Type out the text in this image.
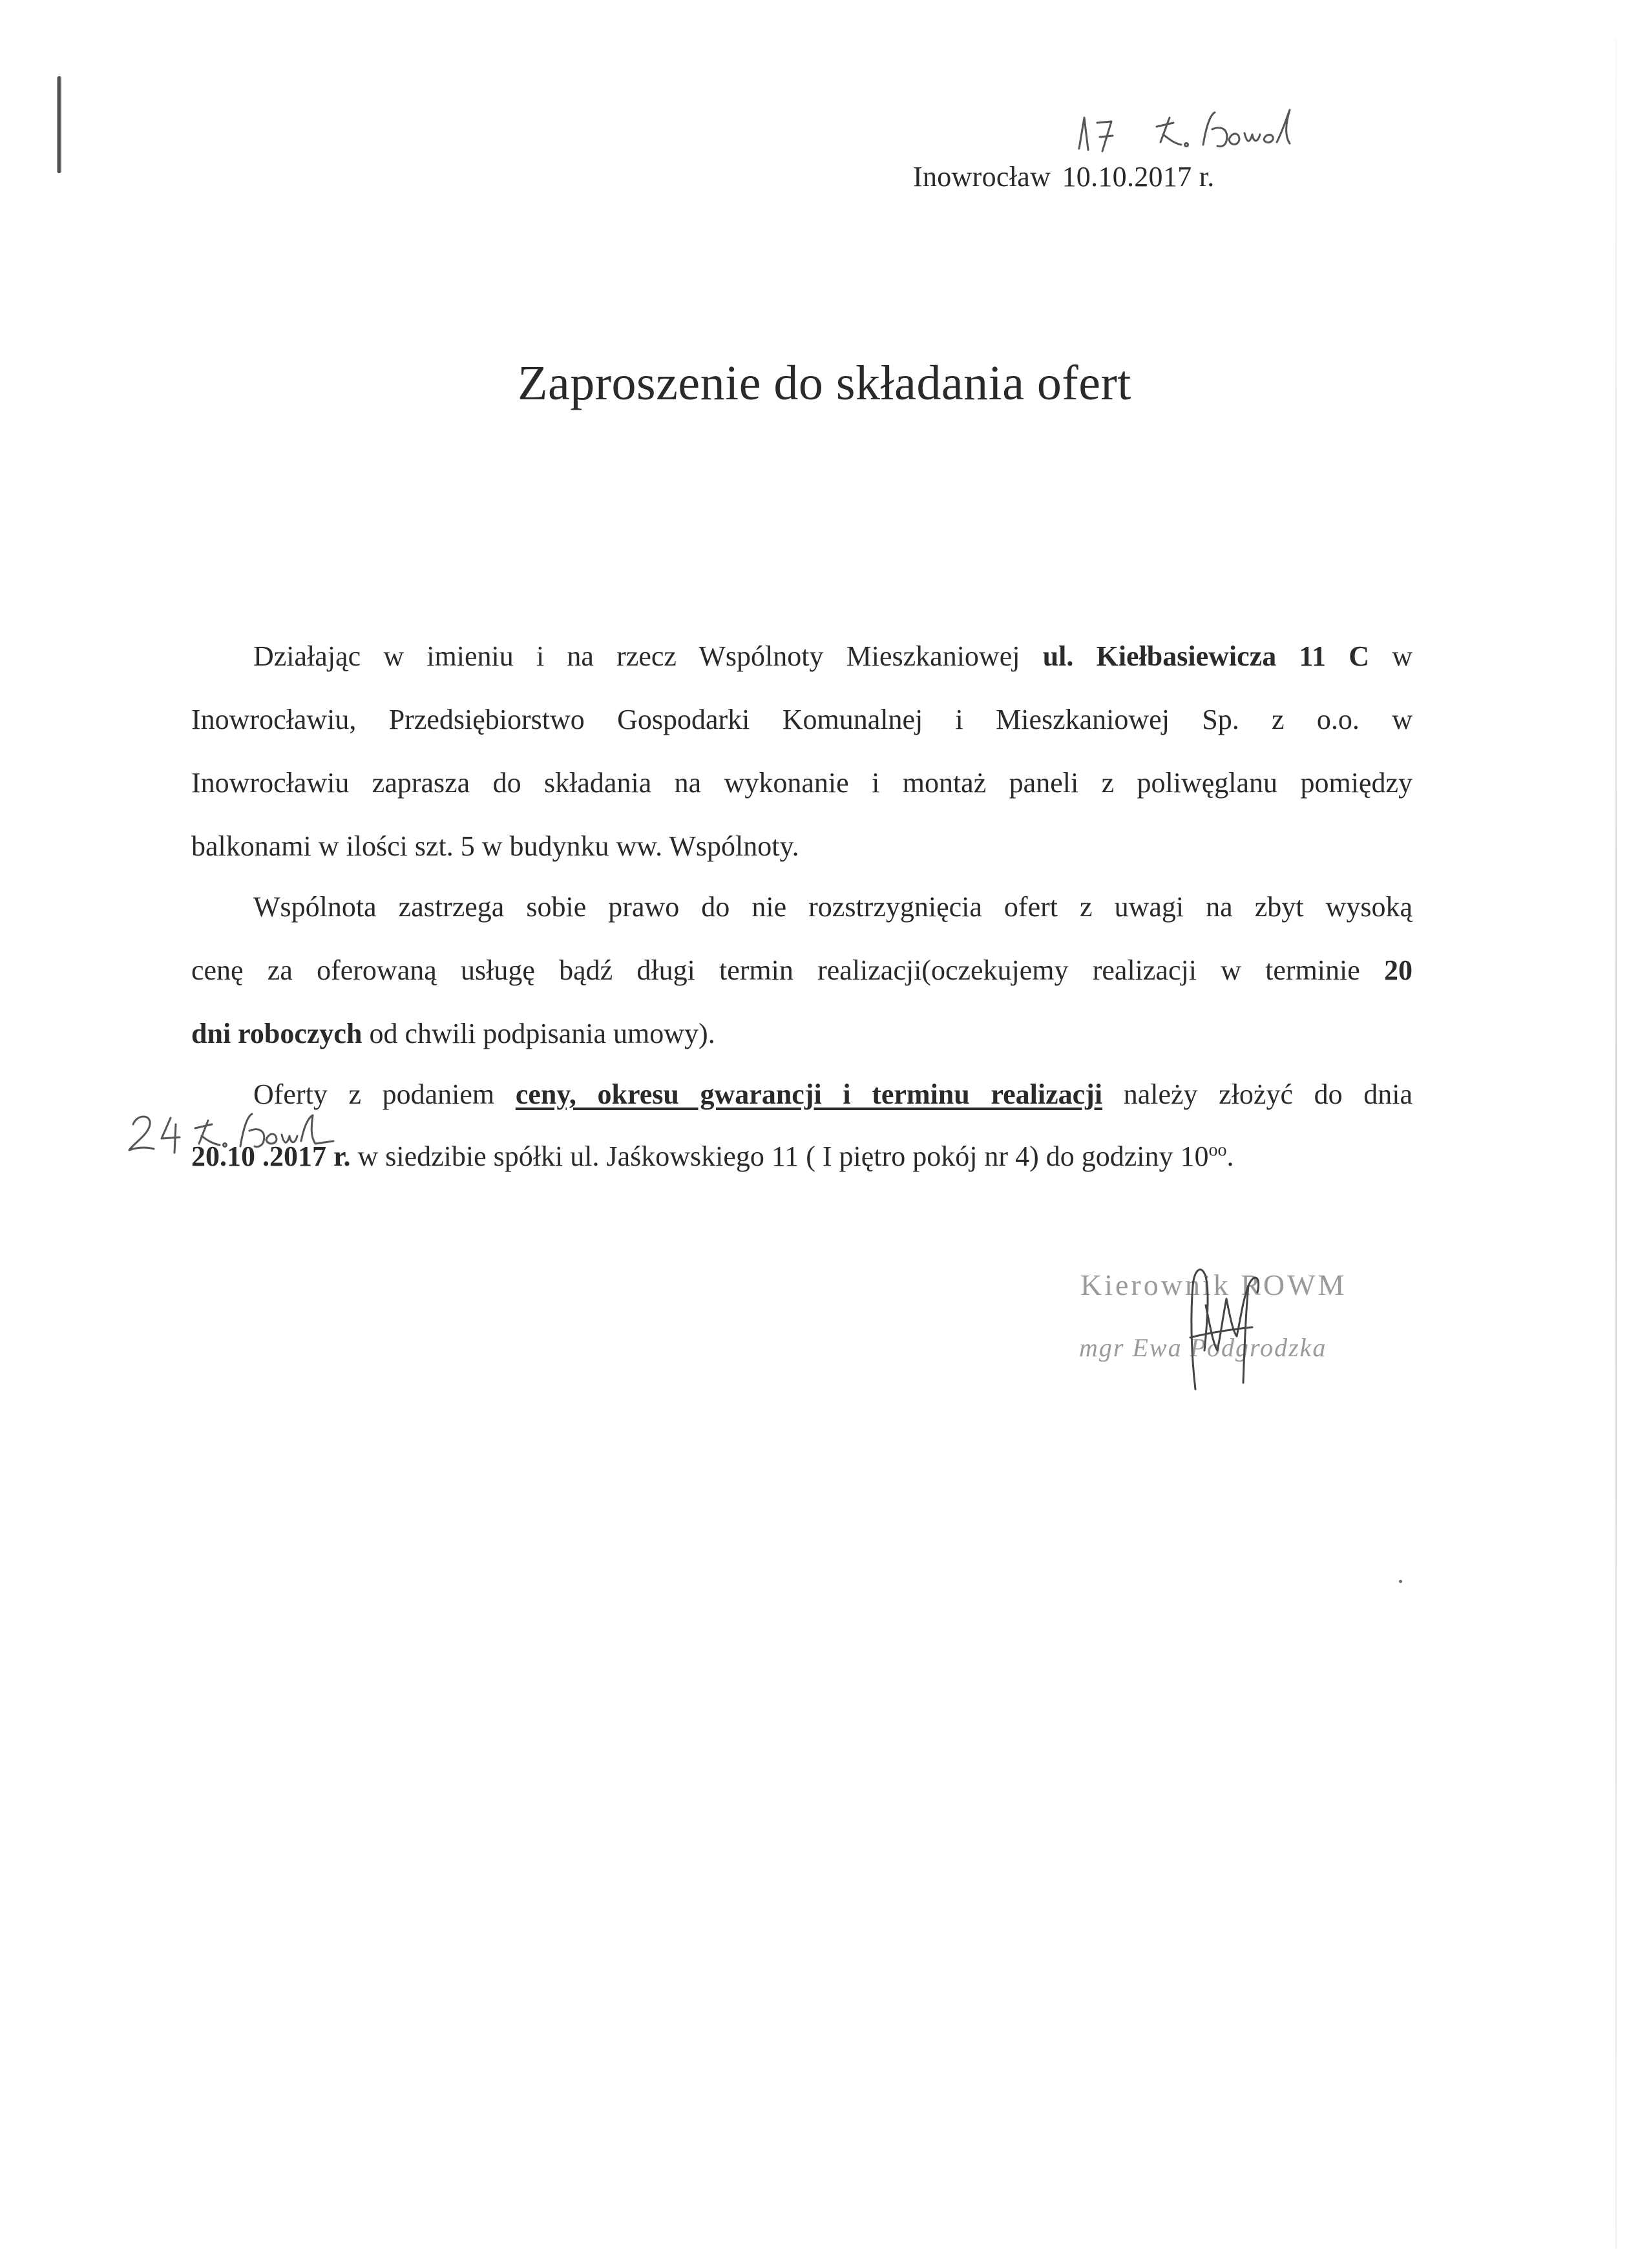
Inowrocław 10.10.2017 r.
Zaproszenie do składania ofert
Działając w imieniu i na rzecz Wspólnoty Mieszkaniowej ul. Kiełbasiewicza 11 C w
Inowrocławiu, Przedsiębiorstwo Gospodarki Komunalnej i Mieszkaniowej Sp. z o.o. w
Inowrocławiu zaprasza do składania na wykonanie i montaż paneli z poliwęglanu pomiędzy
balkonami w ilości szt. 5 w budynku ww. Wspólnoty.
Wspólnota zastrzega sobie prawo do nie rozstrzygnięcia ofert z uwagi na zbyt wysoką
cenę za oferowaną usługę bądź długi termin realizacji(oczekujemy realizacji w terminie 20
dni roboczych od chwili podpisania umowy).
Oferty z podaniem ceny, okresu gwarancji i terminu realizacji należy złożyć do dnia
20.10 .2017 r. w siedzibie spółki ul. Jaśkowskiego 11 ( I piętro pokój nr 4) do godziny $10^{oo}$.
Kierownik ROWM
mgr Ewa Podgrodzka
